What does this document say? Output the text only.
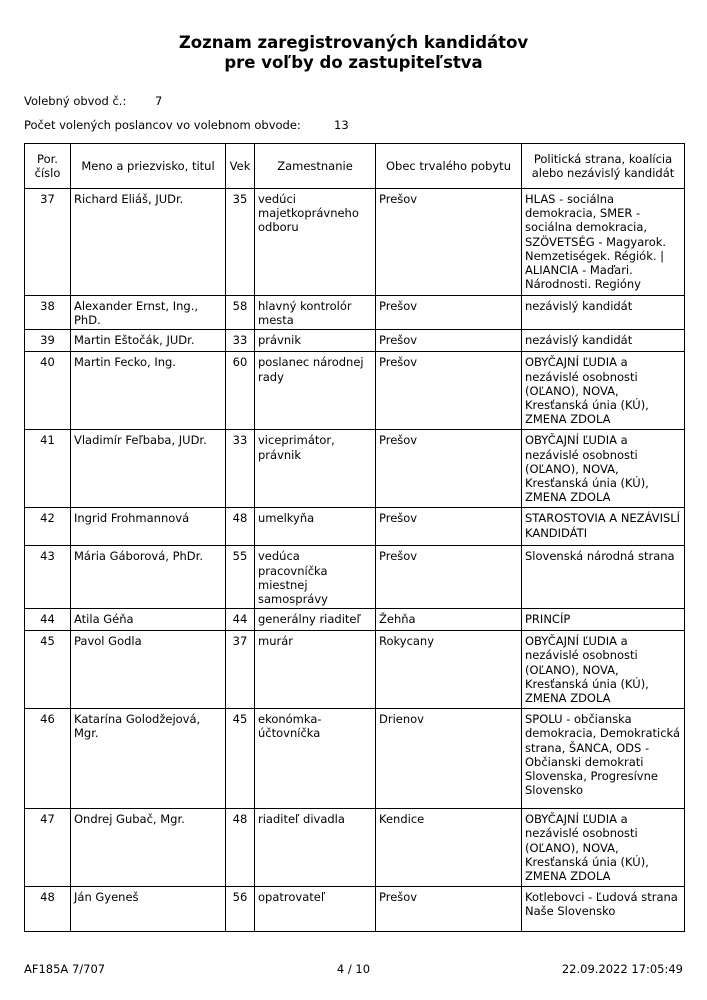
Zoznam zaregistrovaných kandidátov
pre voľby do zastupiteľstva
Volebný obvod č.: 7
Počet volených poslancov vo volebnom obvode:	13
Por. číslo	Meno a priezvisko, titul	Vek	Zamestnanie	Obec trvalého pobytu	Politická strana, koalícia alebo nezávislý kandidát
37	Richard Eliáš, JUDr.	35	vedúci majetkoprávneho odboru	Prešov	HLAS - sociálna demokracia, SMER - sociálna demokracia, SZÖVETSÉG - Magyarok. Nemzetiségek. Régiók. | ALIANCIA - Maďari. Národnosti. Regióny
38	Alexander Ernst, Ing., PhD.	58	hlavný kontrolór mesta	Prešov	nezávislý kandidát
39	Martin Eštočák, JUDr.	33	právnik	Prešov	nezávislý kandidát
40	Martin Fecko, Ing.	60	poslanec národnej rady	Prešov	OBYČAJNÍ ĽUDIA a nezávislé osobnosti (OĽANO), NOVA, Kresťanská únia (KÚ), ZMENA ZDOLA
41	Vladimír Feľbaba, JUDr.	33	viceprimátor, právnik	Prešov	OBYČAJNÍ ĽUDIA a nezávislé osobnosti (OĽANO), NOVA, Kresťanská únia (KÚ), ZMENA ZDOLA
42	Ingrid Frohmannová	48	umelkyňa	Prešov	STAROSTOVIA A NEZÁVISLÍ KANDIDÁTI
43	Mária Gáborová, PhDr.	55	vedúca pracovníčka miestnej samosprávy	Prešov	Slovenská národná strana
44	Atila Géňa	44	generálny riaditeľ	Žehňa	PRINCÍP
45	Pavol Godla	37	murár	Rokycany	OBYČAJNÍ ĽUDIA a nezávislé osobnosti (OĽANO), NOVA, Kresťanská únia (KÚ), ZMENA ZDOLA
46	Katarína Golodžejová, Mgr.	45	ekonómka-účtovníčka	Drienov	SPOLU - občianska demokracia, Demokratická strana, ŠANCA, ODS - Občianski demokrati Slovenska, Progresívne Slovensko
47	Ondrej Gubač, Mgr.	48	riaditeľ divadla	Kendice	OBYČAJNÍ ĽUDIA a nezávislé osobnosti (OĽANO), NOVA, Kresťanská únia (KÚ), ZMENA ZDOLA
48	Ján Gyeneš	56	opatrovateľ	Prešov	Kotlebovci - Ľudová strana Naše Slovensko
AF185A 7/707	4 / 10	22.09.2022 17:05:49
